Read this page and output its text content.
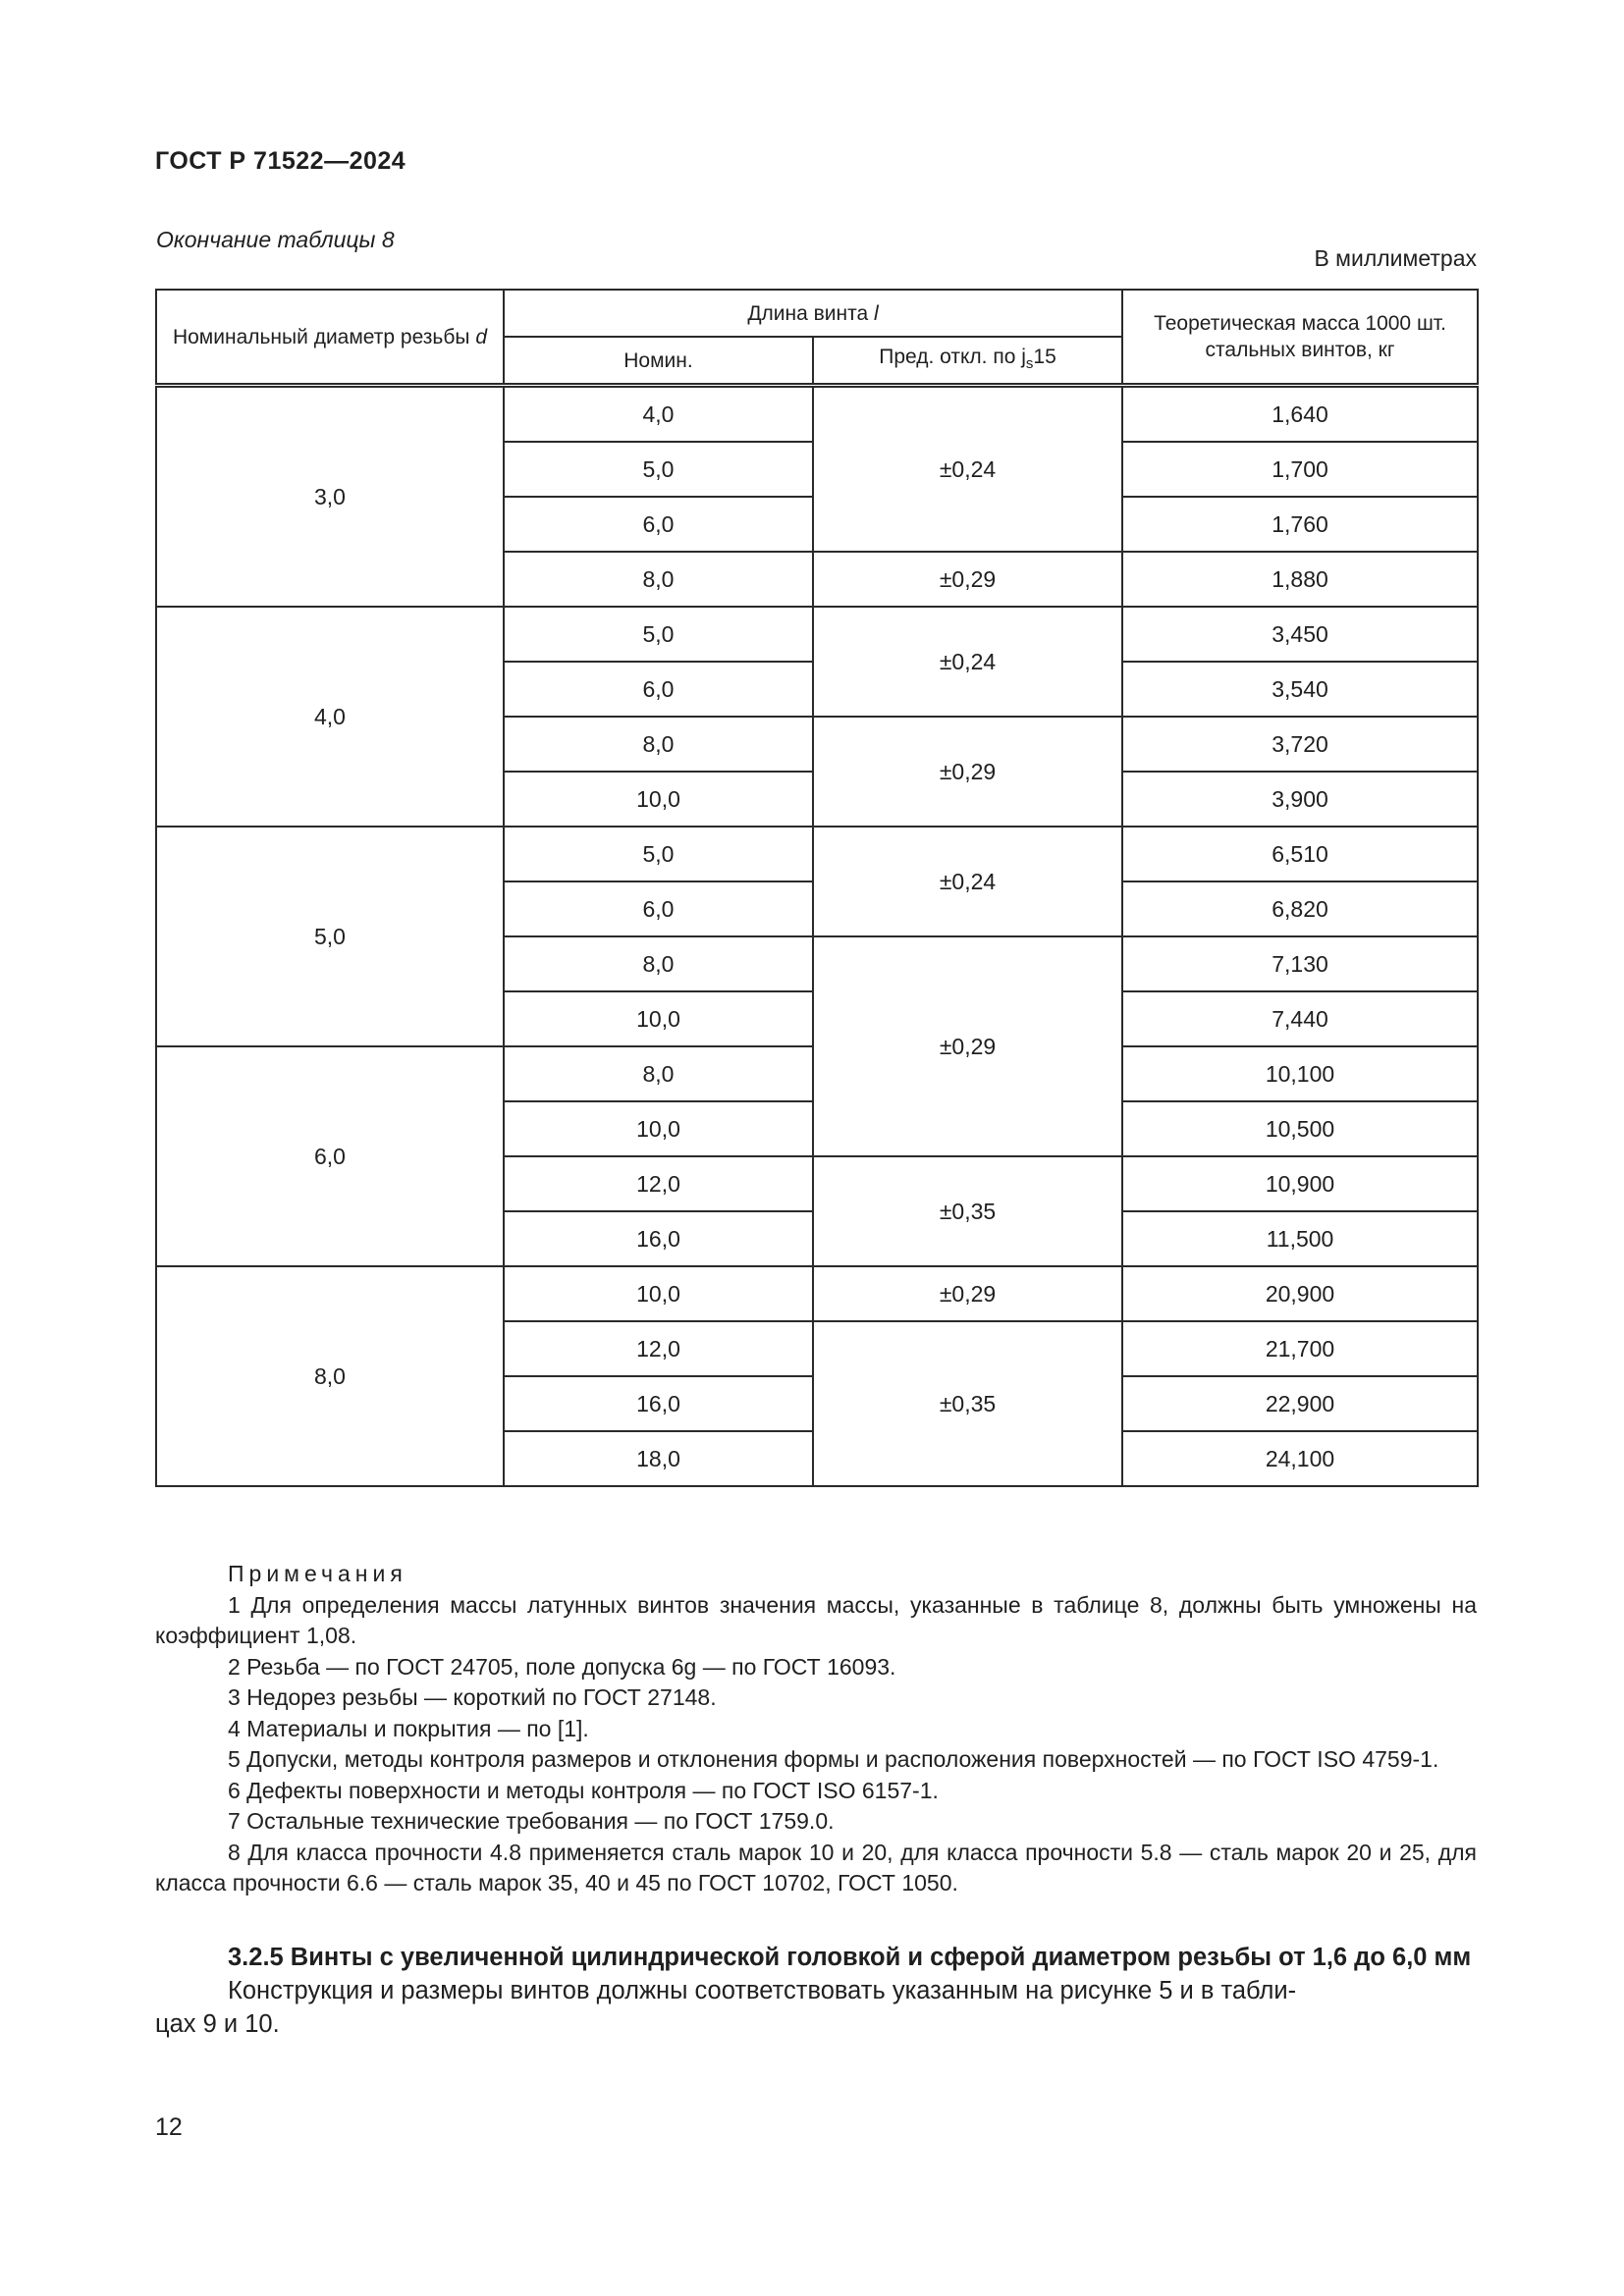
ГОСТ Р 71522—2024
Окончание таблицы 8
В миллиметрах
Номинальный диаметр резьбы d	Длина винта l		Теоретическая масса 1000 шт. стальных винтов, кг
	Номин.	Пред. откл. по $j_s15$	
3,0	4,0	±0,24	1,640
	5,0		1,700
	6,0		1,760
	8,0	±0,29	1,880
4,0	5,0	±0,24	3,450
	6,0		3,540
	8,0	±0,29	3,720
	10,0		3,900
5,0	5,0	±0,24	6,510
	6,0		6,820
	8,0	±0,29	7,130
	10,0		7,440
6,0	8,0		10,100
	10,0		10,500
	12,0	±0,35	10,900
	16,0		11,500
8,0	10,0	±0,29	20,900
	12,0	±0,35	21,700
	16,0		22,900
	18,0		24,100

Примечания

1 Для определения массы латунных винтов значения массы, указанные в таблице 8, должны быть умножены на коэффициент 1,08.

2 Резьба — по ГОСТ 24705, поле допуска 6g — по ГОСТ 16093.

3 Недорез резьбы — короткий по ГОСТ 27148.

4 Материалы и покрытия — по [1].

5 Допуски, методы контроля размеров и отклонения формы и расположения поверхностей — по ГОСТ ISO 4759-1.

6 Дефекты поверхности и методы контроля — по ГОСТ ISO 6157-1.

7 Остальные технические требования — по ГОСТ 1759.0.

8 Для класса прочности 4.8 применяется сталь марок 10 и 20, для класса прочности 5.8 — сталь марок 20 и 25, для класса прочности 6.6 — сталь марок 35, 40 и 45 по ГОСТ 10702, ГОСТ 1050.

3.2.5 Винты с увеличенной цилиндрической головкой и сферой диаметром резьбы от 1,6 до 6,0 мм

Конструкция и размеры винтов должны соответствовать указанным на рисунке 5 и в табли-

цах 9 и 10.

12
